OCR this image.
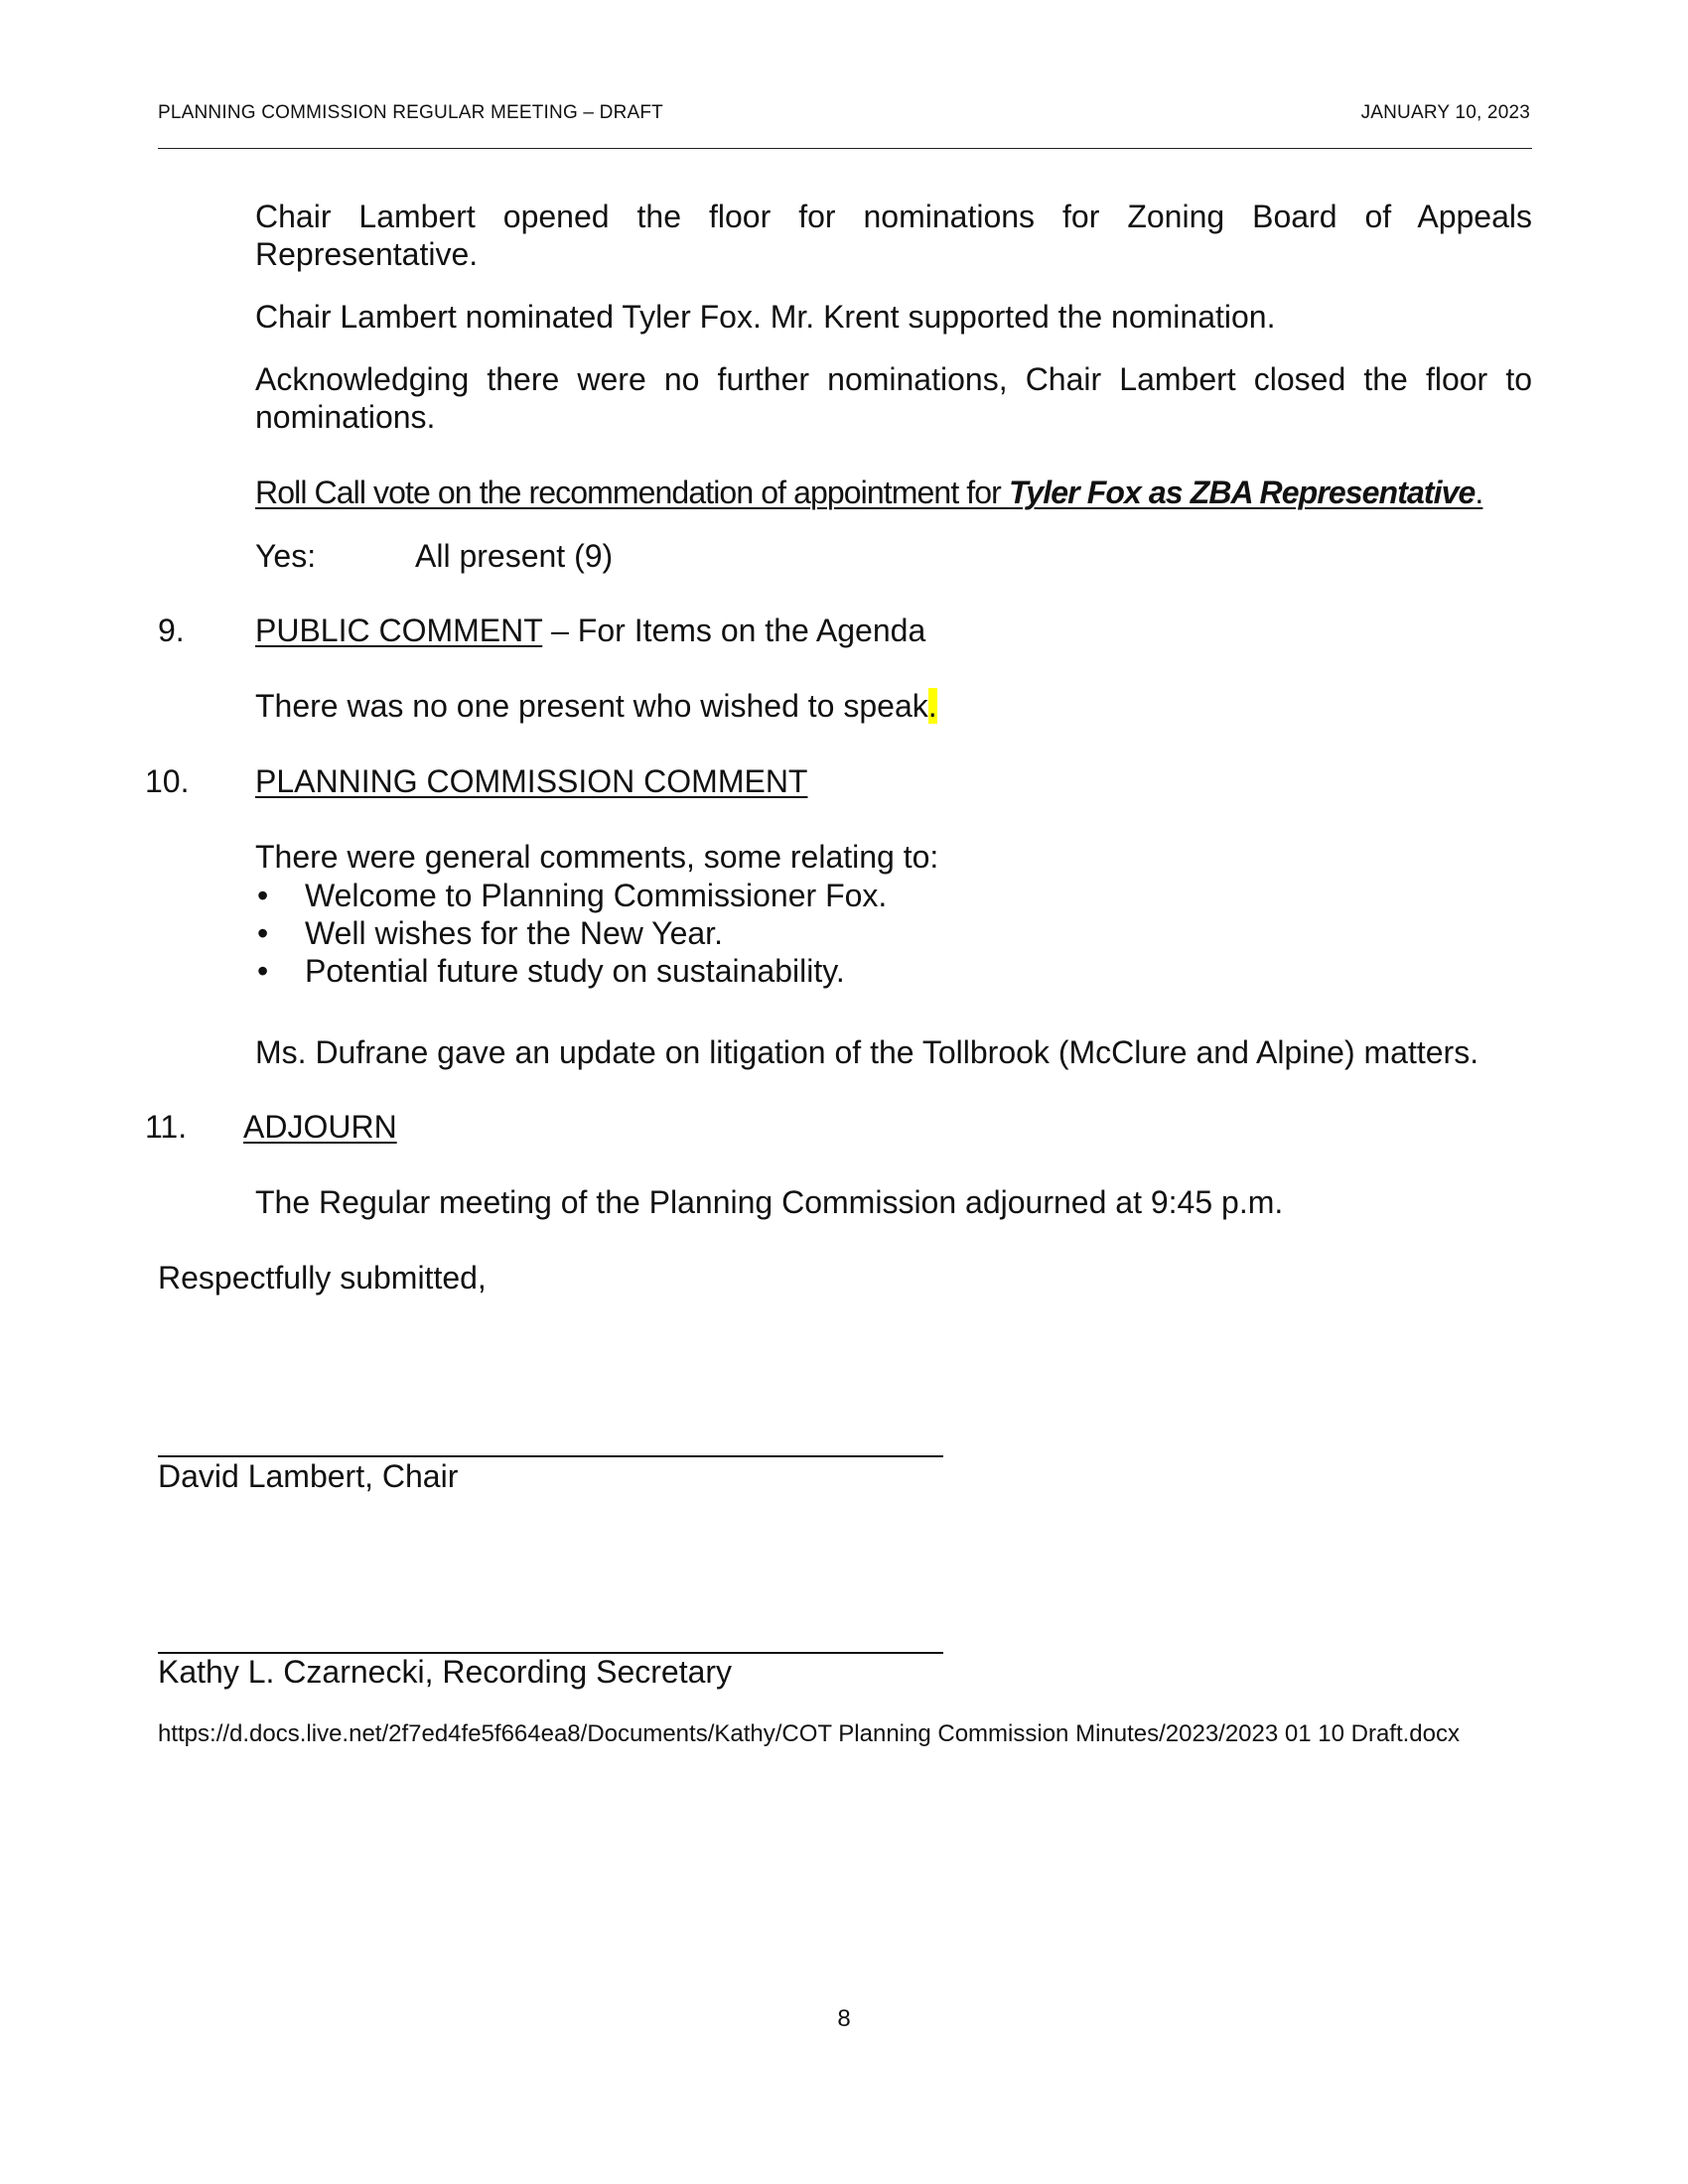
PLANNING COMMISSION REGULAR MEETING – DRAFT	JANUARY 10, 2023
Chair Lambert opened the floor for nominations for Zoning Board of Appeals Representative.
Chair Lambert nominated Tyler Fox. Mr. Krent supported the nomination.
Acknowledging there were no further nominations, Chair Lambert closed the floor to nominations.
Roll Call vote on the recommendation of appointment for Tyler Fox as ZBA Representative.
Yes:	All present (9)
9. PUBLIC COMMENT – For Items on the Agenda
There was no one present who wished to speak.
10. PLANNING COMMISSION COMMENT
There were general comments, some relating to:
• Welcome to Planning Commissioner Fox.
• Well wishes for the New Year.
• Potential future study on sustainability.
Ms. Dufrane gave an update on litigation of the Tollbrook (McClure and Alpine) matters.
11. ADJOURN
The Regular meeting of the Planning Commission adjourned at 9:45 p.m.
Respectfully submitted,
David Lambert, Chair
Kathy L. Czarnecki, Recording Secretary
https://d.docs.live.net/2f7ed4fe5f664ea8/Documents/Kathy/COT Planning Commission Minutes/2023/2023 01 10 Draft.docx
8
